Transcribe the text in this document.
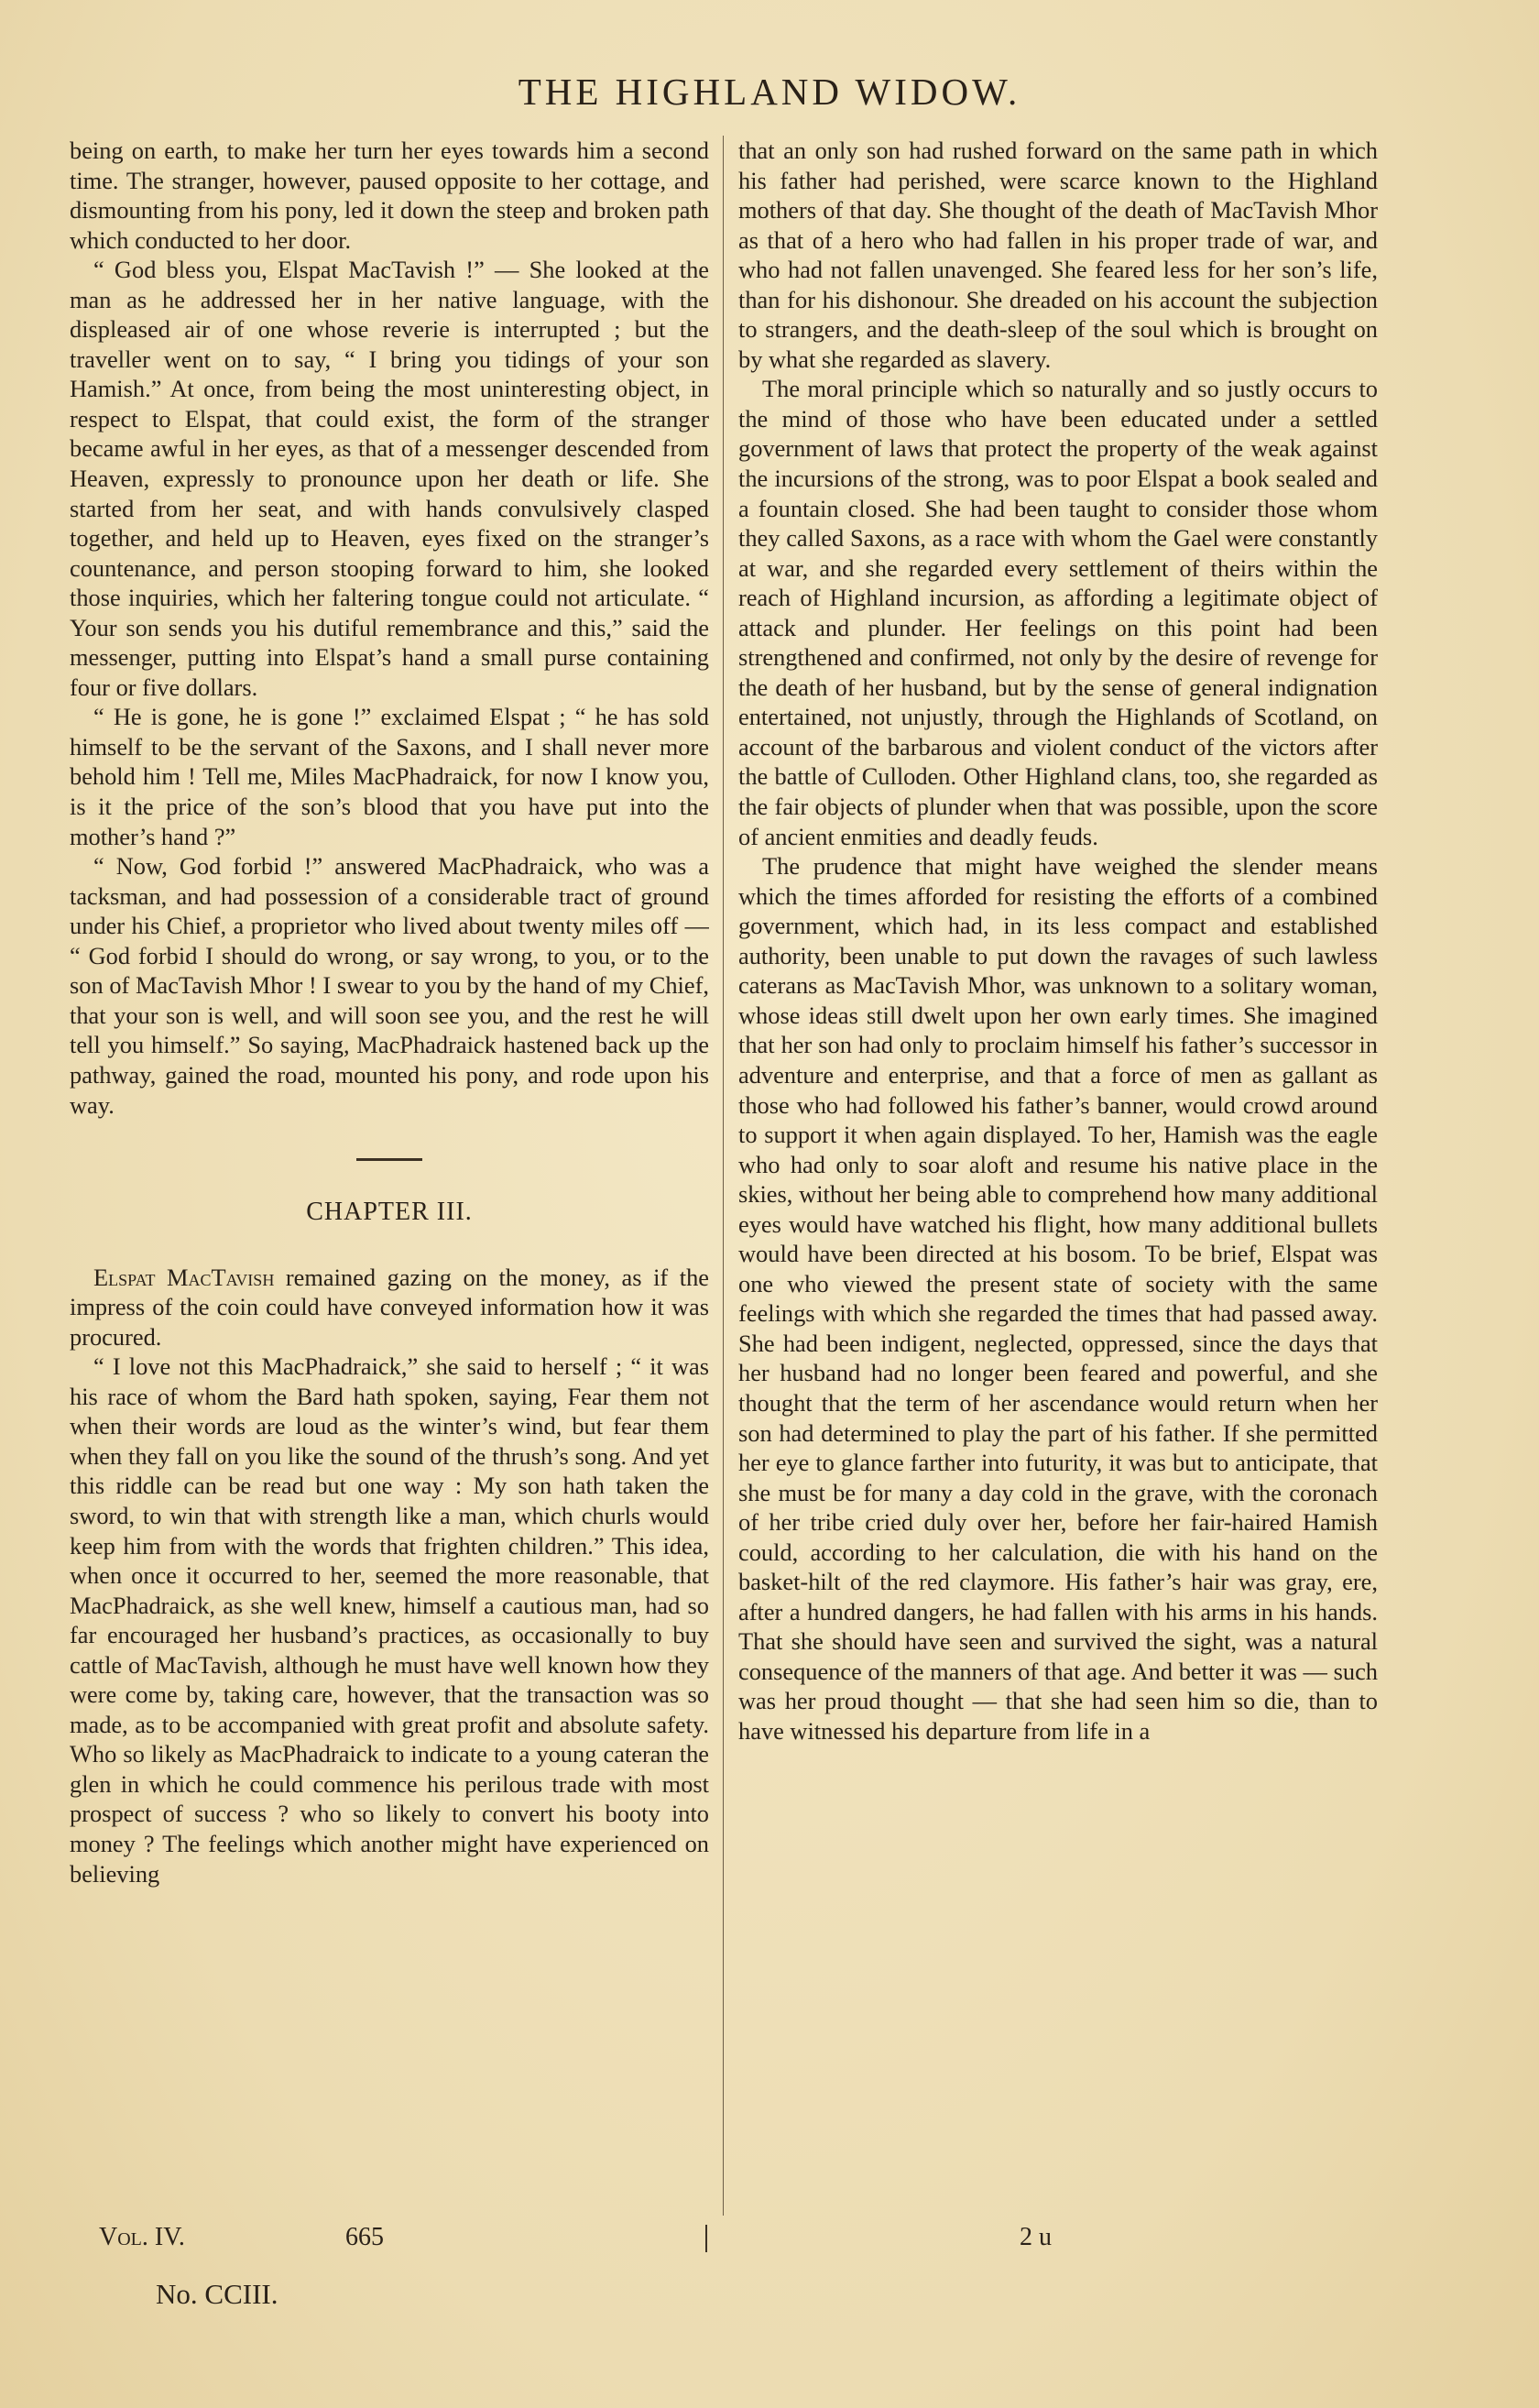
THE HIGHLAND WIDOW.

being on earth, to make her turn her eyes towards him a second time. The stranger, however, paused opposite to her cottage, and dismounting from his pony, led it down the steep and broken path which conducted to her door.

“ God bless you, Elspat MacTavish !” — She looked at the man as he addressed her in her native language, with the displeased air of one whose reverie is interrupted ; but the traveller went on to say, “ I bring you tidings of your son Hamish.” At once, from being the most uninteresting object, in respect to Elspat, that could exist, the form of the stranger became awful in her eyes, as that of a messenger descended from Heaven, expressly to pronounce upon her death or life. She started from her seat, and with hands convulsively clasped together, and held up to Heaven, eyes fixed on the stranger’s countenance, and person stooping forward to him, she looked those inquiries, which her faltering tongue could not articulate. “ Your son sends you his dutiful remembrance and this,” said the messenger, putting into Elspat’s hand a small purse containing four or five dollars.

“ He is gone, he is gone !” exclaimed Elspat ; “ he has sold himself to be the servant of the Saxons, and I shall never more behold him ! Tell me, Miles MacPhadraick, for now I know you, is it the price of the son’s blood that you have put into the mother’s hand ?”

“ Now, God forbid !” answered MacPhadraick, who was a tacksman, and had possession of a considerable tract of ground under his Chief, a proprietor who lived about twenty miles off — “ God forbid I should do wrong, or say wrong, to you, or to the son of MacTavish Mhor ! I swear to you by the hand of my Chief, that your son is well, and will soon see you, and the rest he will tell you himself.” So saying, MacPhadraick hastened back up the pathway, gained the road, mounted his pony, and rode upon his way.

CHAPTER III.

Elspat MacTavish remained gazing on the money, as if the impress of the coin could have conveyed information how it was procured.

“ I love not this MacPhadraick,” she said to herself ; “ it was his race of whom the Bard hath spoken, saying, Fear them not when their words are loud as the winter’s wind, but fear them when they fall on you like the sound of the thrush’s song. And yet this riddle can be read but one way : My son hath taken the sword, to win that with strength like a man, which churls would keep him from with the words that frighten children.” This idea, when once it occurred to her, seemed the more reasonable, that MacPhadraick, as she well knew, himself a cautious man, had so far encouraged her husband’s practices, as occasionally to buy cattle of MacTavish, although he must have well known how they were come by, taking care, however, that the transaction was so made, as to be accompanied with great profit and absolute safety. Who so likely as MacPhadraick to indicate to a young cateran the glen in which he could commence his perilous trade with most prospect of success ? who so likely to convert his booty into money ? The feelings which another might have experienced on believing

that an only son had rushed forward on the same path in which his father had perished, were scarce known to the Highland mothers of that day. She thought of the death of MacTavish Mhor as that of a hero who had fallen in his proper trade of war, and who had not fallen unavenged. She feared less for her son’s life, than for his dishonour. She dreaded on his account the subjection to strangers, and the death-sleep of the soul which is brought on by what she regarded as slavery.

The moral principle which so naturally and so justly occurs to the mind of those who have been educated under a settled government of laws that protect the property of the weak against the incursions of the strong, was to poor Elspat a book sealed and a fountain closed. She had been taught to consider those whom they called Saxons, as a race with whom the Gael were constantly at war, and she regarded every settlement of theirs within the reach of Highland incursion, as affording a legitimate object of attack and plunder. Her feelings on this point had been strengthened and confirmed, not only by the desire of revenge for the death of her husband, but by the sense of general indignation entertained, not unjustly, through the Highlands of Scotland, on account of the barbarous and violent conduct of the victors after the battle of Culloden. Other Highland clans, too, she regarded as the fair objects of plunder when that was possible, upon the score of ancient enmities and deadly feuds.

The prudence that might have weighed the slender means which the times afforded for resisting the efforts of a combined government, which had, in its less compact and established authority, been unable to put down the ravages of such lawless caterans as MacTavish Mhor, was unknown to a solitary woman, whose ideas still dwelt upon her own early times. She imagined that her son had only to proclaim himself his father’s successor in adventure and enterprise, and that a force of men as gallant as those who had followed his father’s banner, would crowd around to support it when again displayed. To her, Hamish was the eagle who had only to soar aloft and resume his native place in the skies, without her being able to comprehend how many additional eyes would have watched his flight, how many additional bullets would have been directed at his bosom. To be brief, Elspat was one who viewed the present state of society with the same feelings with which she regarded the times that had passed away. She had been indigent, neglected, oppressed, since the days that her husband had no longer been feared and powerful, and she thought that the term of her ascendance would return when her son had determined to play the part of his father. If she permitted her eye to glance farther into futurity, it was but to anticipate, that she must be for many a day cold in the grave, with the coronach of her tribe cried duly over her, before her fair-haired Hamish could, according to her calculation, die with his hand on the basket-hilt of the red claymore. His father’s hair was gray, ere, after a hundred dangers, he had fallen with his arms in his hands. That she should have seen and survived the sight, was a natural consequence of the manners of that age. And better it was — such was her proud thought — that she had seen him so die, than to have witnessed his departure from life in a

Vol. IV.	665	2 u
No. CCIII.
